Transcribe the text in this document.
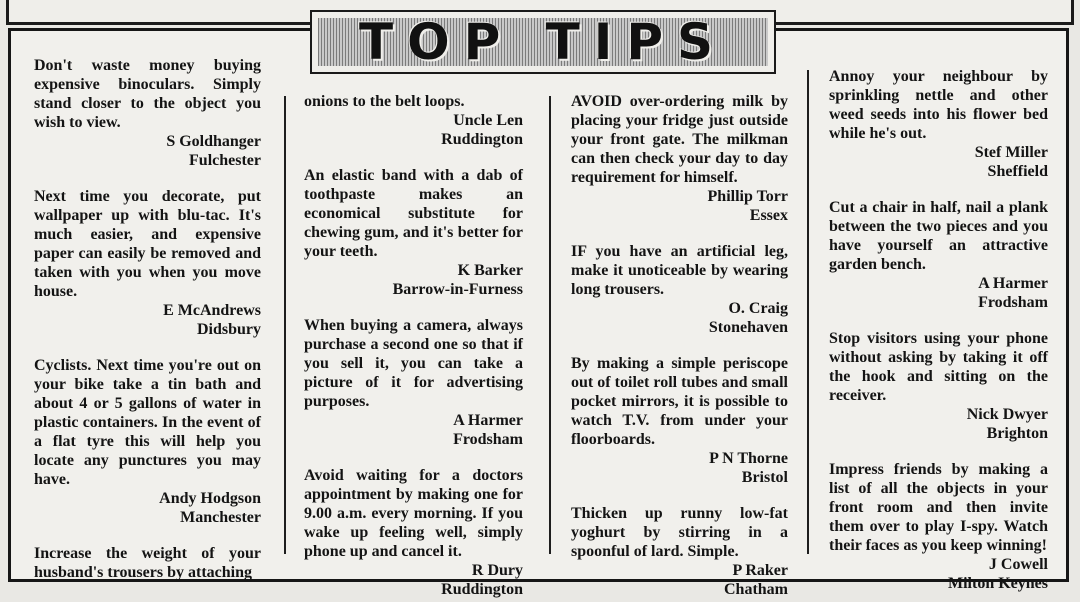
TOP TIPS
Don't waste money buying expensive binoculars. Simply stand closer to the object you wish to view.
S Goldhanger
Fulchester
Next time you decorate, put wallpaper up with blu-tac. It's much easier, and expensive paper can easily be removed and taken with you when you move house.
E McAndrews
Didsbury
Cyclists. Next time you're out on your bike take a tin bath and about 4 or 5 gallons of water in plastic containers. In the event of a flat tyre this will help you locate any punctures you may have.
Andy Hodgson
Manchester
Increase the weight of your husband's trousers by attaching
onions to the belt loops.
Uncle Len
Ruddington
An elastic band with a dab of toothpaste makes an economical substitute for chewing gum, and it's better for your teeth.
K Barker
Barrow-in-Furness
When buying a camera, always purchase a second one so that if you sell it, you can take a picture of it for advertising purposes.
A Harmer
Frodsham
Avoid waiting for a doctors appointment by making one for 9.00 a.m. every morning. If you wake up feeling well, simply phone up and cancel it.
R Dury
Ruddington
AVOID over-ordering milk by placing your fridge just outside your front gate. The milkman can then check your day to day requirement for himself.
Phillip Torr
Essex
IF you have an artificial leg, make it unoticeable by wearing long trousers.
O. Craig
Stonehaven
By making a simple periscope out of toilet roll tubes and small pocket mirrors, it is possible to watch T.V. from under your floorboards.
P N Thorne
Bristol
Thicken up runny low-fat yoghurt by stirring in a spoonful of lard. Simple.
P Raker
Chatham
Annoy your neighbour by sprinkling nettle and other weed seeds into his flower bed while he's out.
Stef Miller
Sheffield
Cut a chair in half, nail a plank between the two pieces and you have yourself an attractive garden bench.
A Harmer
Frodsham
Stop visitors using your phone without asking by taking it off the hook and sitting on the receiver.
Nick Dwyer
Brighton
Impress friends by making a list of all the objects in your front room and then invite them over to play I-spy. Watch their faces as you keep winning!
J Cowell
Milton Keynes
